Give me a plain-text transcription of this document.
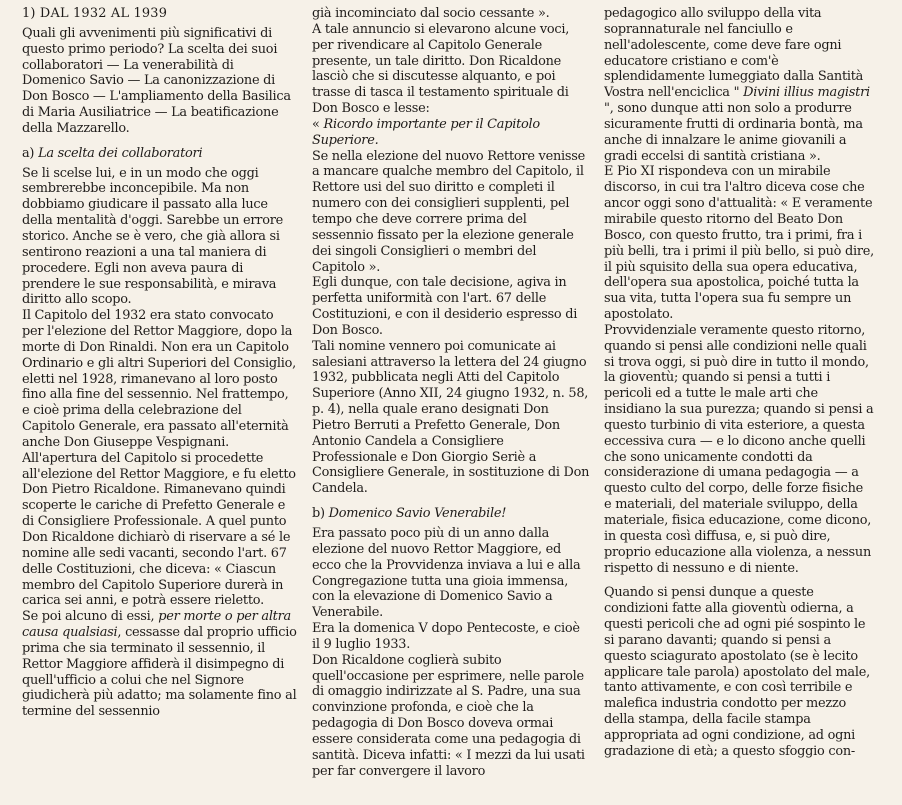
1) DAL 1932 AL 1939

Quali gli avvenimenti più significativi di questo primo periodo? La scelta dei suoi collaboratori — La venerabilità di Domenico Savio — La canonizzazione di Don Bosco — L'ampliamento della Basilica di Maria Ausiliatrice — La beatificazione della Mazzarello.

a) La scelta dei collaboratori

Se li scelse lui, e in un modo che oggi sembrerebbe inconcepibile. Ma non dobbiamo giudicare il passato alla luce della mentalità d'oggi. Sarebbe un errore storico. Anche se è vero, che già allora si sentirono reazioni a una tal maniera di procedere. Egli non aveva paura di prendere le sue responsabilità, e mirava diritto allo scopo.

Il Capitolo del 1932 era stato convocato per l'elezione del Rettor Maggiore, dopo la morte di Don Rinaldi. Non era un Capitolo Ordinario e gli altri Superiori del Consiglio, eletti nel 1928, rimanevano al loro posto fino alla fine del sessennio. Nel frattempo, e cioè prima della celebrazione del Capitolo Generale, era passato all'eternità anche Don Giuseppe Vespignani.

All'apertura del Capitolo si procedette all'elezione del Rettor Maggiore, e fu eletto Don Pietro Ricaldone. Rimanevano quindi scoperte le cariche di Prefetto Generale e di Consigliere Professionale. A quel punto Don Ricaldone dichiarò di riservare a sé le nomine alle sedi vacanti, secondo l'art. 67 delle Costituzioni, che diceva: « Ciascun membro del Capitolo Superiore durerà in carica sei anni, e potrà essere rieletto.

Se poi alcuno di essi, per morte o per altra causa qualsiasi, cessasse dal proprio ufficio prima che sia terminato il sessennio, il Rettor Maggiore affiderà il disimpegno di quell'ufficio a colui che nel Signore giudicherà più adatto; ma solamente fino al termine del sessennio

già incominciato dal socio cessante ».

A tale annuncio si elevarono alcune voci, per rivendicare al Capitolo Generale presente, un tale diritto. Don Ricaldone lasciò che si discutesse alquanto, e poi trasse di tasca il testamento spirituale di Don Bosco e lesse:

« Ricordo importante per il Capitolo Superiore.

Se nella elezione del nuovo Rettore venisse a mancare qualche membro del Capitolo, il Rettore usi del suo diritto e completi il numero con dei consiglieri supplenti, pel tempo che deve correre prima del sessennio fissato per la elezione generale dei singoli Consiglieri o membri del Capitolo ».

Egli dunque, con tale decisione, agiva in perfetta uniformità con l'art. 67 delle Costituzioni, e con il desiderio espresso di Don Bosco.

Tali nomine vennero poi comunicate ai salesiani attraverso la lettera del 24 giugno 1932, pubblicata negli Atti del Capitolo Superiore (Anno XII, 24 giugno 1932, n. 58, p. 4), nella quale erano designati Don Pietro Berruti a Prefetto Generale, Don Antonio Candela a Consigliere Professionale e Don Giorgio Seriè a Consigliere Generale, in sostituzione di Don Candela.

b) Domenico Savio Venerabile!

Era passato poco più di un anno dalla elezione del nuovo Rettor Maggiore, ed ecco che la Provvidenza inviava a lui e alla Congregazione tutta una gioia immensa, con la elevazione di Domenico Savio a Venerabile.

Era la domenica V dopo Pentecoste, e cioè il 9 luglio 1933.

Don Ricaldone coglierà subito quell'occasione per esprimere, nelle parole di omaggio indirizzate al S. Padre, una sua convinzione profonda, e cioè che la pedagogia di Don Bosco doveva ormai essere considerata come una pedagogia di santità. Diceva infatti: « I mezzi da lui usati per far convergere il lavoro

pedagogico allo sviluppo della vita soprannaturale nel fanciullo e nell'adolescente, come deve fare ogni educatore cristiano e com'è splendidamente lumeggiato dalla Santità Vostra nell'enciclica " Divini illius magistri ", sono dunque atti non solo a produrre sicuramente frutti di ordinaria bontà, ma anche di innalzare le anime giovanili a gradi eccelsi di santità cristiana ».

E Pio XI rispondeva con un mirabile discorso, in cui tra l'altro diceva cose che ancor oggi sono d'attualità: « E veramente mirabile questo ritorno del Beato Don Bosco, con questo frutto, tra i primi, fra i più belli, tra i primi il più bello, si può dire, il più squisito della sua opera educativa, dell'opera sua apostolica, poiché tutta la sua vita, tutta l'opera sua fu sempre un apostolato.

Provvidenziale veramente questo ritorno, quando si pensi alle condizioni nelle quali si trova oggi, si può dire in tutto il mondo, la gioventù; quando si pensi a tutti i pericoli ed a tutte le male arti che insidiano la sua purezza; quando si pensi a questo turbinio di vita esteriore, a questa eccessiva cura — e lo dicono anche quelli che sono unicamente condotti da considerazione di umana pedagogia — a questo culto del corpo, delle forze fisiche e materiali, del materiale sviluppo, della materiale, fisica educazione, come dicono, in questa così diffusa, e, si può dire, proprio educazione alla violenza, a nessun rispetto di nessuno e di niente.

Quando si pensi dunque a queste condizioni fatte alla gioventù odierna, a questi pericoli che ad ogni pié sospinto le si parano davanti; quando si pensi a questo sciagurato apostolato (se è lecito applicare tale parola) apostolato del male, tanto attivamente, e con così terribile e malefica industria condotto per mezzo della stampa, della facile stampa appropriata ad ogni condizione, ad ogni gradazione di età; a questo sfoggio con-
